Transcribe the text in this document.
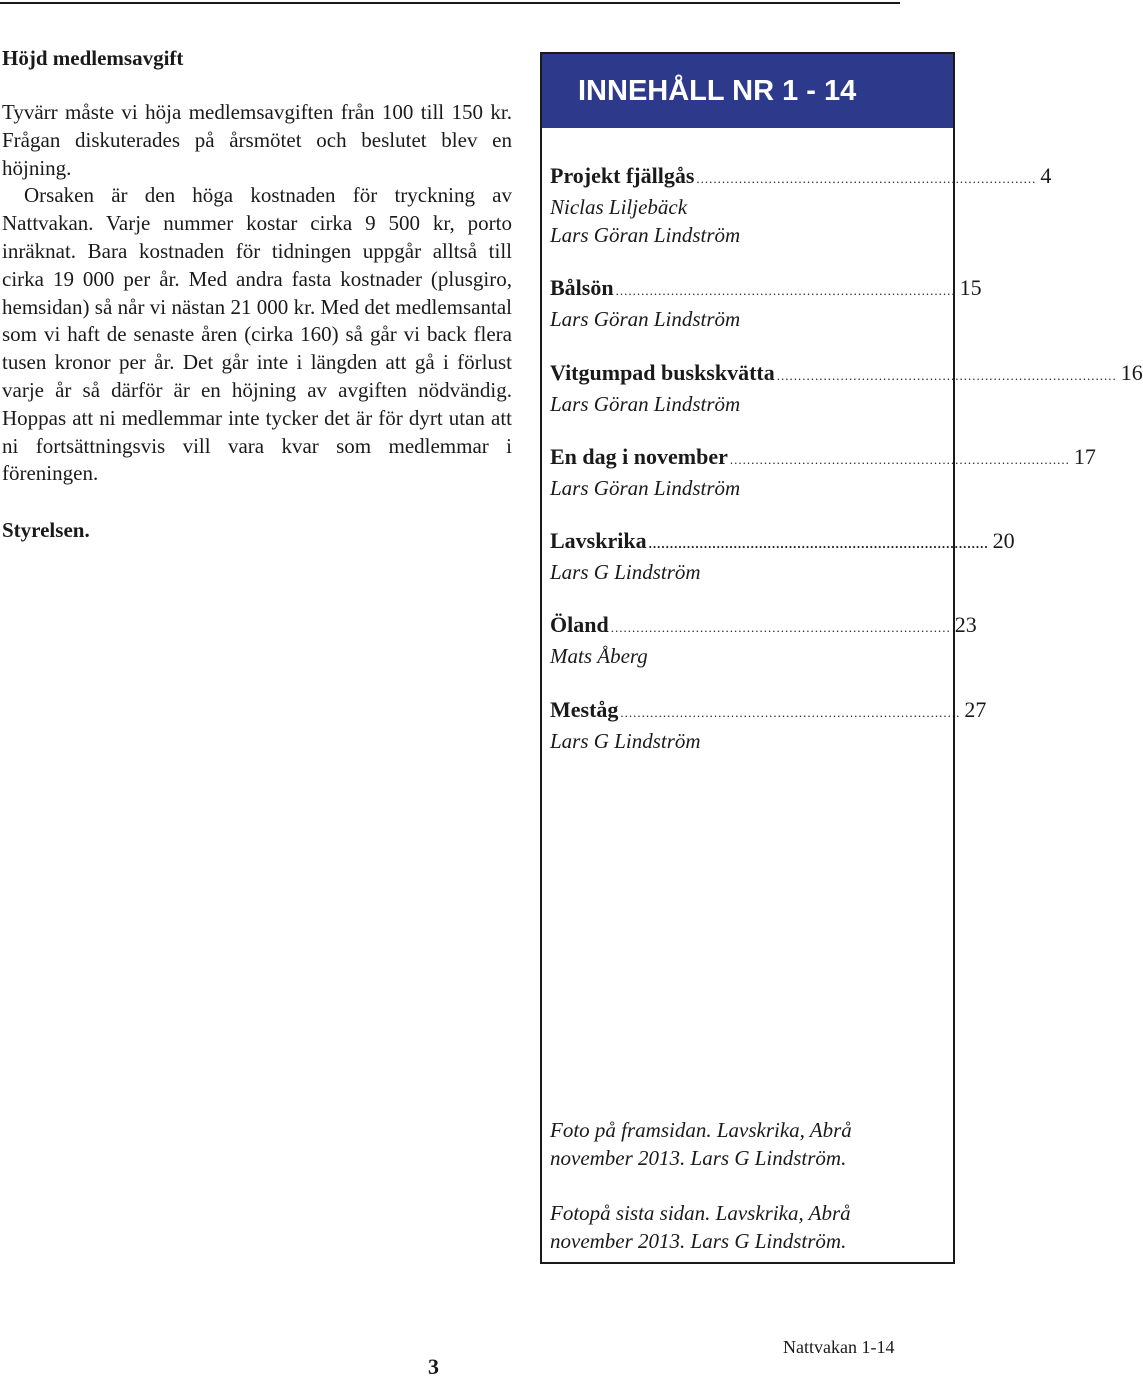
Höjd medlemsavgift

Tyvärr måste vi höja medlemsavgiften från 100 till 150 kr. Frågan diskuterades på årsmötet och beslutet blev en höjning.

Orsaken är den höga kostnaden för tryckning av Nattvakan. Varje nummer kostar cirka 9 500 kr, porto inräknat. Bara kostnaden för tidningen uppgår alltså till cirka 19 000 per år. Med andra fasta kostnader (plusgiro, hemsidan) så når vi nästan 21 000 kr. Med det medlemsantal som vi haft de senaste åren (cirka 160) så går vi back flera tusen kronor per år. Det går inte i längden att gå i förlust varje år så därför är en höjning av avgiften nödvändig. Hoppas att ni medlemmar inte tycker det är för dyrt utan att ni fortsättningsvis vill vara kvar som medlemmar i föreningen.

Styrelsen.
INNEHÅLL NR 1 - 14
Projekt fjällgås ................................................................................ 4
Niclas Liljebäck
Lars Göran Lindström
Bålsön ................................................................................ 15
Lars Göran Lindström
Vitgumpad buskskvätta ................................................................................ 16
Lars Göran Lindström
En dag i november ................................................................................ 17
Lars Göran Lindström
Lavskrika ................................................................................ 20
Lars G Lindström
Öland ................................................................................ 23
Mats Åberg
Meståg ................................................................................ 27
Lars G Lindström

Foto på framsidan. Lavskrika, Abrå november 2013. Lars G Lindström.

Fotopå sista sidan. Lavskrika, Abrå november 2013. Lars G Lindström.

3
Nattvakan 1-14
